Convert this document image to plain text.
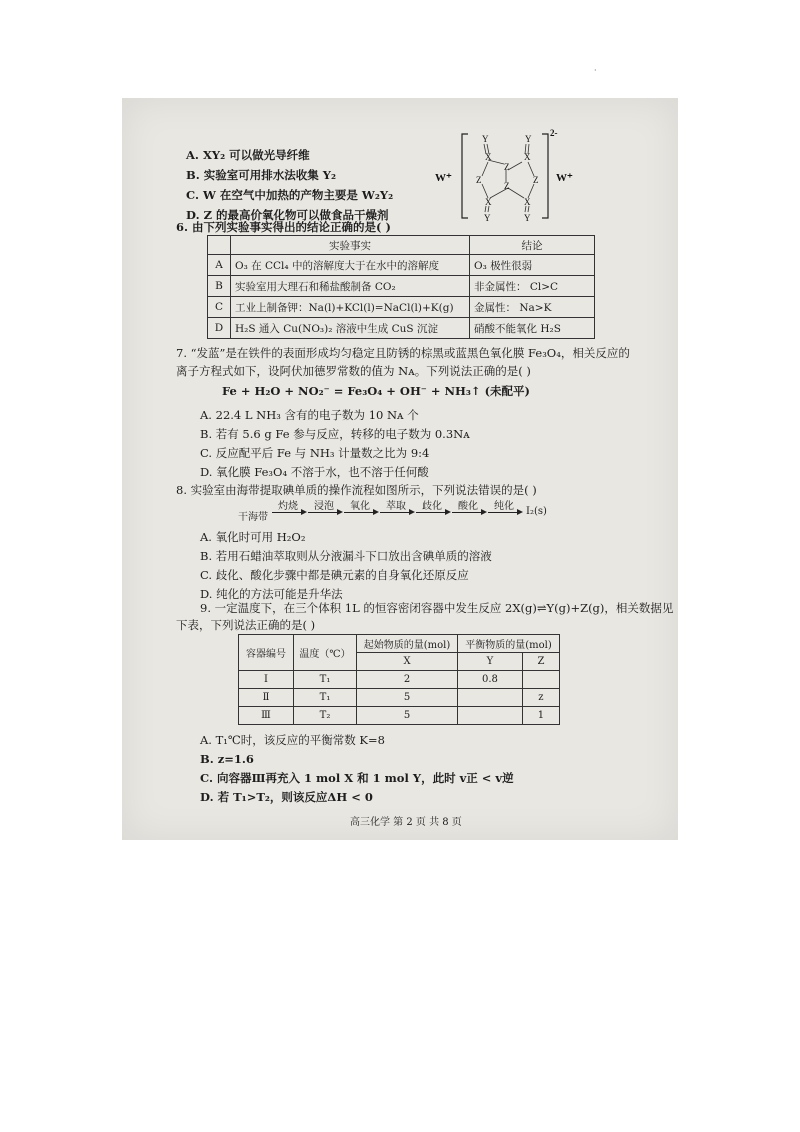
·
A. XY₂ 可以做光导纤维
B. 实验室可用排水法收集 Y₂
C. W 在空气中加热的产物主要是 W₂Y₂
D. Z 的最高价氧化物可以做食品干燥剂
Y
X
Z
Z
X
Y
Z
X
Z
X
Y
Y
W⁺	W⁺
2-
6. 由下列实验事实得出的结论正确的是( )
	实验事实	结论
A	O₃ 在 CCl₄ 中的溶解度大于在水中的溶解度	O₃ 极性很弱
B	实验室用大理石和稀盐酸制备 CO₂	非金属性： Cl>C
C	工业上制备钾：Na(l)+KCl(l)=NaCl(l)+K(g)	金属性： Na>K
D	H₂S 通入 Cu(NO₃)₂ 溶液中生成 CuS 沉淀	硝酸不能氧化 H₂S
7. “发蓝”是在铁件的表面形成均匀稳定且防锈的棕黑或蓝黑色氧化膜 Fe₃O₄，相关反应的
离子方程式如下，设阿伏加德罗常数的值为 Nᴀ。下列说法正确的是( )
Fe + H₂O + NO₂⁻ = Fe₃O₄ + OH⁻ + NH₃↑ (未配平)
A. 22.4 L NH₃ 含有的电子数为 10 Nᴀ 个
B. 若有 5.6 g Fe 参与反应，转移的电子数为 0.3Nᴀ
C. 反应配平后 Fe 与 NH₃ 计量数之比为 9:4
D. 氧化膜 Fe₃O₄ 不溶于水，也不溶于任何酸
8. 实验室由海带提取碘单质的操作流程如图所示，下列说法错误的是( )
干海带
灼烧	浸泡	氧化	萃取	歧化	酸化	纯化	I₂(s)
A. 氧化时可用 H₂O₂
B. 若用石蜡油萃取则从分液漏斗下口放出含碘单质的溶液
C. 歧化、酸化步骤中都是碘元素的自身氧化还原反应
D. 纯化的方法可能是升华法
9. 一定温度下，在三个体积 1L 的恒容密闭容器中发生反应 2X(g)⇌Y(g)+Z(g)，相关数据见
下表，下列说法正确的是( )
容器编号	温度（℃）	起始物质的量(mol)	平衡物质的量(mol)	
		X	Y	Z
Ⅰ	T₁	2	0.8	
Ⅱ	T₁	5		z
Ⅲ	T₂	5		1
A. T₁℃时，该反应的平衡常数 K=8
B. z=1.6
C. 向容器Ⅲ再充入 1 mol X 和 1 mol Y，此时 v正 < v逆
D. 若 T₁>T₂，则该反应ΔH < 0
高三化学 第 2 页 共 8 页
